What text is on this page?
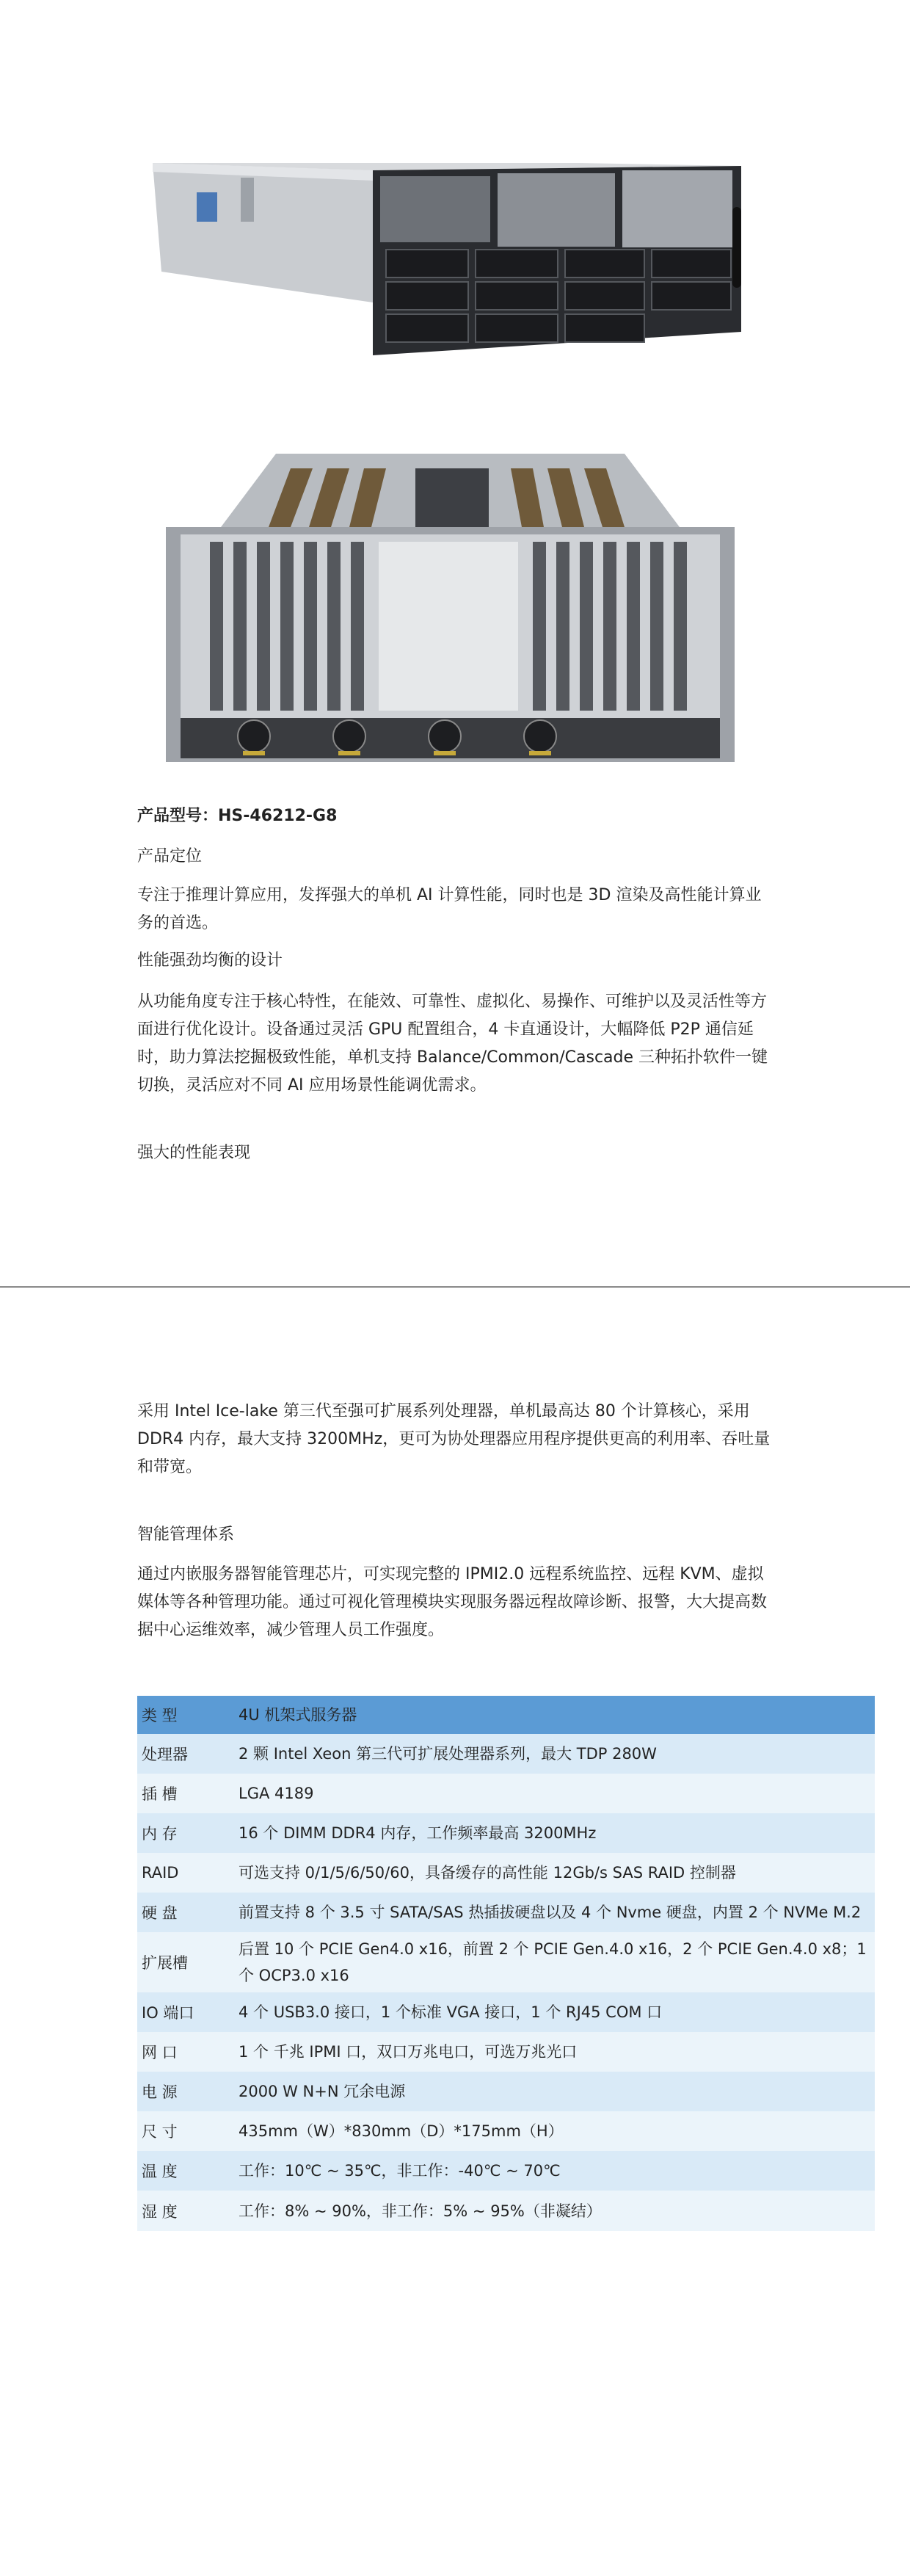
产品型号：HS-46212-G8

产品定位

专注于推理计算应用，发挥强大的单机 AI 计算性能，同时也是 3D 渲染及高性能计算业务的首选。

性能强劲均衡的设计

从功能角度专注于核心特性，在能效、可靠性、虚拟化、易操作、可维护以及灵活性等方面进行优化设计。设备通过灵活 GPU 配置组合，4 卡直通设计，大幅降低 P2P 通信延时，助力算法挖掘极致性能，单机支持 Balance/Common/Cascade 三种拓扑软件一键切换，灵活应对不同 AI 应用场景性能调优需求。

强大的性能表现

采用 Intel Ice-lake 第三代至强可扩展系列处理器，单机最高达 80 个计算核心，采用 DDR4 内存，最大支持 3200MHz，更可为协处理器应用程序提供更高的利用率、吞吐量和带宽。

智能管理体系

通过内嵌服务器智能管理芯片，可实现完整的 IPMI2.0 远程系统监控、远程 KVM、虚拟媒体等各种管理功能。通过可视化管理模块实现服务器远程故障诊断、报警，大大提高数据中心运维效率，减少管理人员工作强度。

类 型	4U 机架式服务器
处理器	2 颗 Intel Xeon 第三代可扩展处理器系列，最大 TDP 280W
插 槽	LGA 4189
内 存	16 个 DIMM DDR4 内存，工作频率最高 3200MHz
RAID	可选支持 0/1/5/6/50/60，具备缓存的高性能 12Gb/s SAS RAID 控制器
硬 盘	前置支持 8 个 3.5 寸 SATA/SAS 热插拔硬盘以及 4 个 Nvme 硬盘，内置 2 个 NVMe M.2
扩展槽	后置 10 个 PCIE Gen4.0 x16，前置 2 个 PCIE Gen.4.0 x16，2 个 PCIE Gen.4.0 x8；1 个 OCP3.0 x16
IO 端口	4 个 USB3.0 接口，1 个标准 VGA 接口，1 个 RJ45 COM 口
网 口	1 个 千兆 IPMI 口，双口万兆电口，可选万兆光口
电 源	2000 W N+N 冗余电源
尺 寸	435mm（W）*830mm（D）*175mm（H）
温 度	工作：10℃ ~ 35℃，非工作：-40℃ ~ 70℃
湿 度	工作：8% ~ 90%，非工作：5% ~ 95%（非凝结）
